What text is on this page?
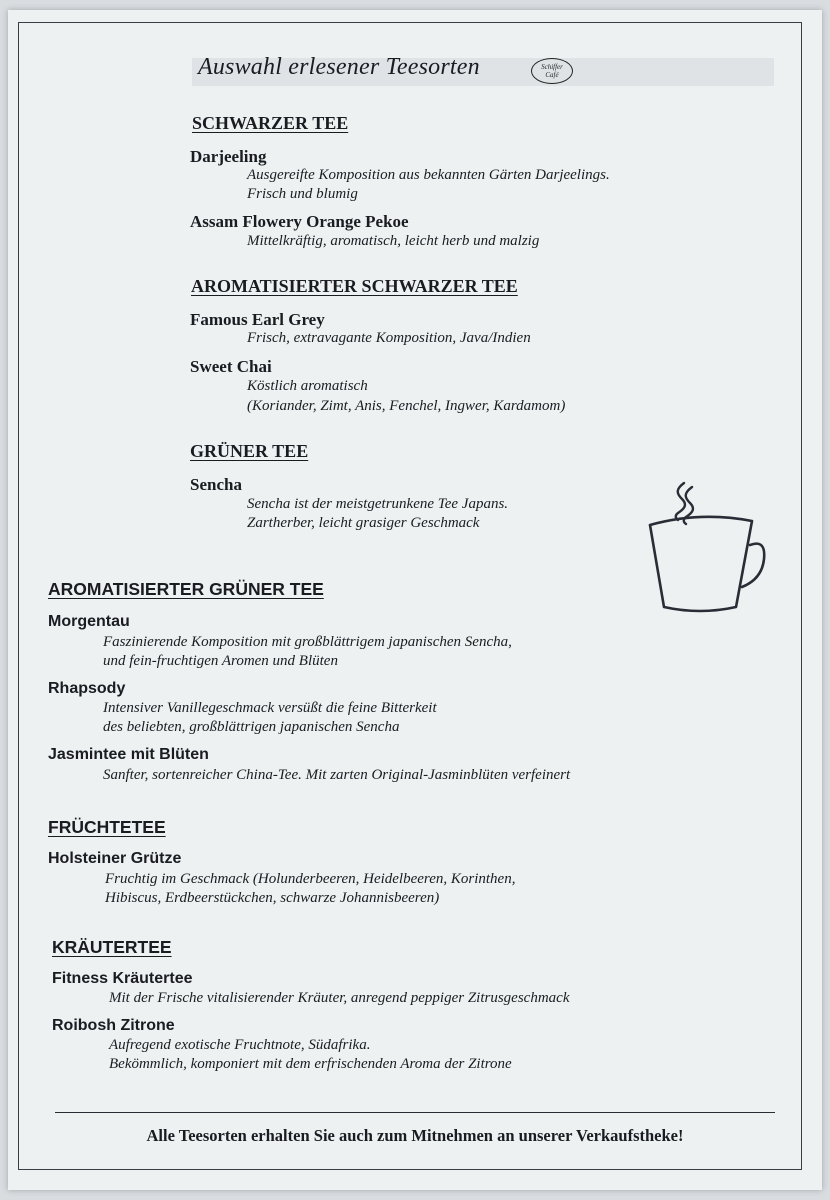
Auswahl erlesener Teesorten	Schiffer
Café
SCHWARZER TEE
Darjeeling
Ausgereifte Komposition aus bekannten Gärten Darjeelings.
Frisch und blumig
Assam Flowery Orange Pekoe
Mittelkräftig, aromatisch, leicht herb und malzig
AROMATISIERTER SCHWARZER TEE
Famous Earl Grey
Frisch, extravagante Komposition, Java/Indien
Sweet Chai
Köstlich aromatisch
(Koriander, Zimt, Anis, Fenchel, Ingwer, Kardamom)
GRÜNER TEE
Sencha
Sencha ist der meistgetrunkene Tee Japans.
Zartherber, leicht grasiger Geschmack
AROMATISIERTER GRÜNER TEE
Morgentau
Faszinierende Komposition mit großblättrigem japanischen Sencha,
und fein-fruchtigen Aromen und Blüten
Rhapsody
Intensiver Vanillegeschmack versüßt die feine Bitterkeit
des beliebten, großblättrigen japanischen Sencha
Jasmintee mit Blüten
Sanfter, sortenreicher China-Tee. Mit zarten Original-Jasminblüten verfeinert
FRÜCHTETEE
Holsteiner Grütze
Fruchtig im Geschmack (Holunderbeeren, Heidelbeeren, Korinthen,
Hibiscus, Erdbeerstückchen, schwarze Johannisbeeren)
KRÄUTERTEE
Fitness Kräutertee
Mit der Frische vitalisierender Kräuter, anregend peppiger Zitrusgeschmack
Roibosh Zitrone
Aufregend exotische Fruchtnote, Südafrika.
Bekömmlich, komponiert mit dem erfrischenden Aroma der Zitrone
Alle Teesorten erhalten Sie auch zum Mitnehmen an unserer Verkaufstheke!
